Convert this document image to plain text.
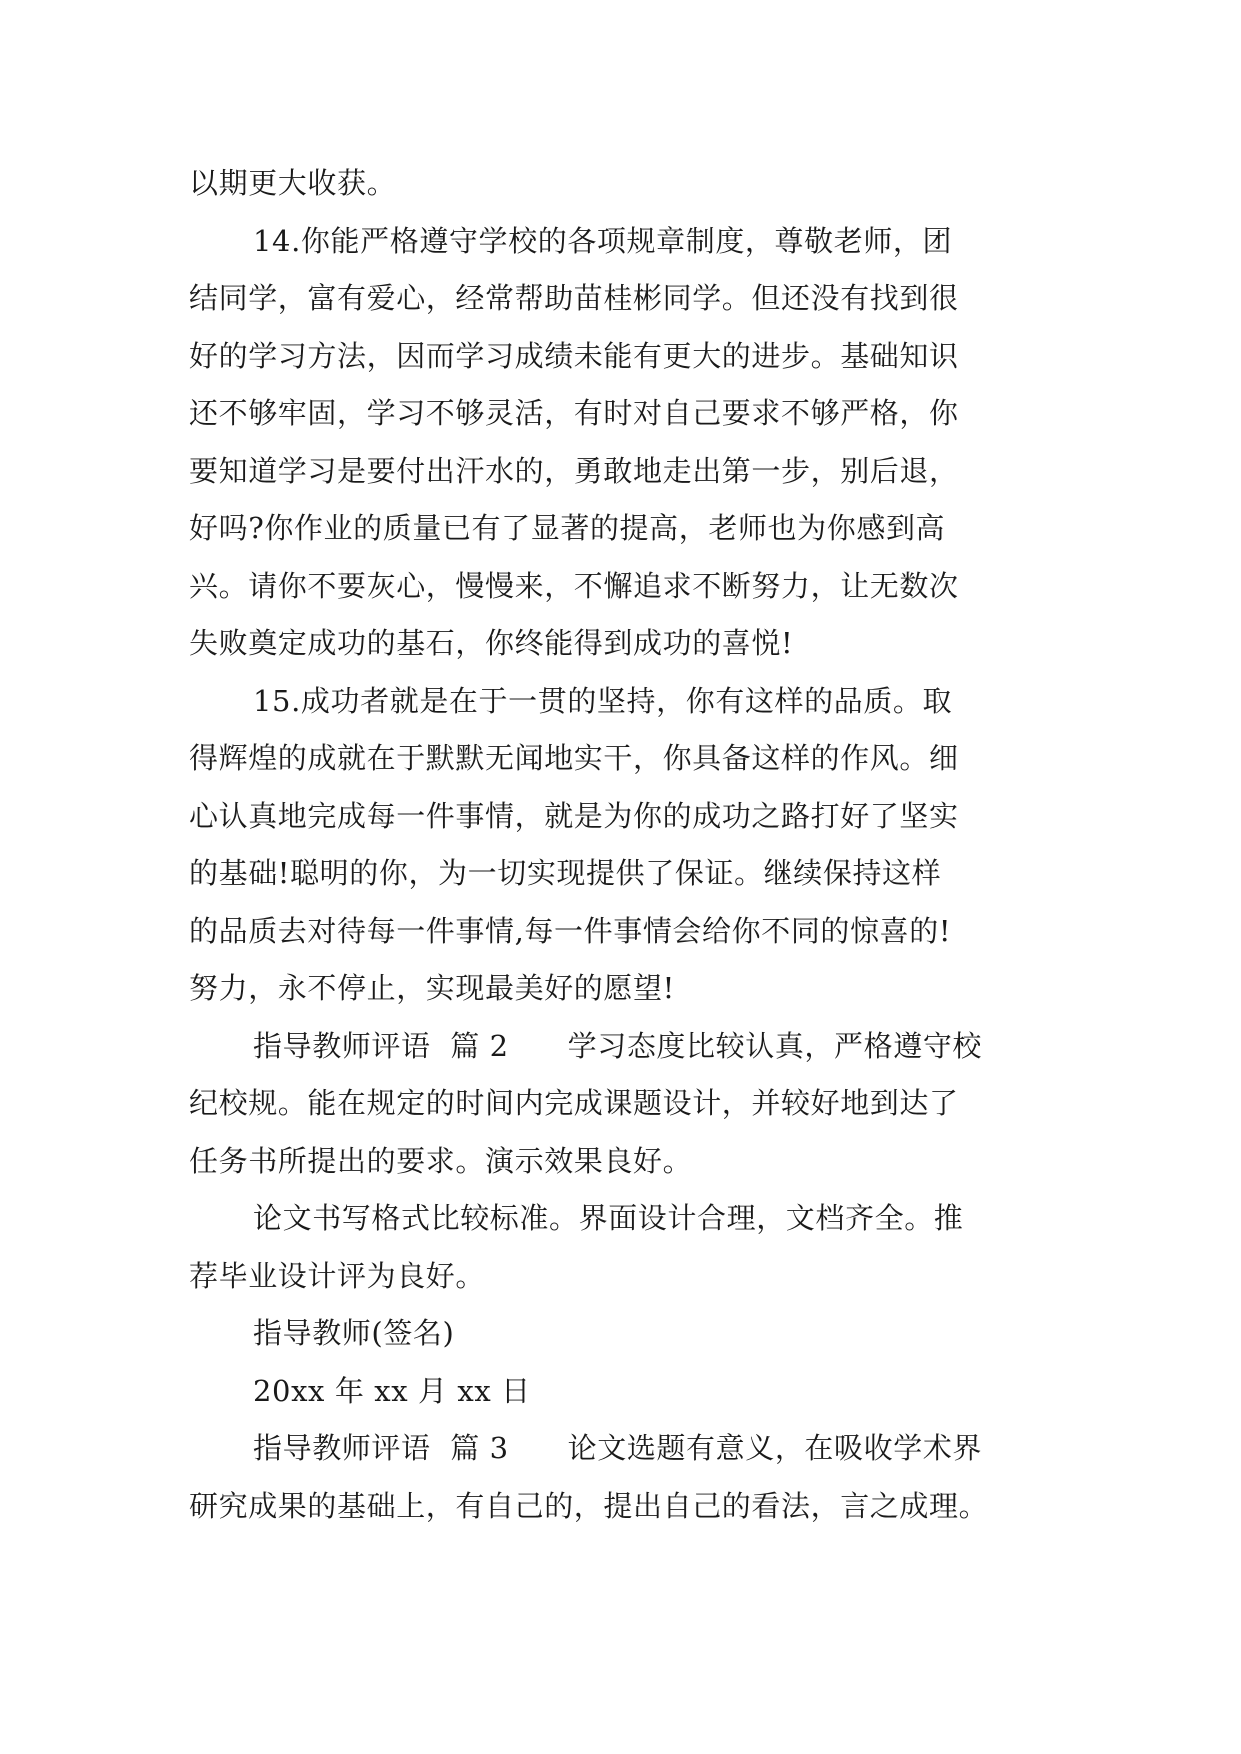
以期更大收获。
14.你能严格遵守学校的各项规章制度，尊敬老师，团
结同学，富有爱心，经常帮助苗桂彬同学。但还没有找到很
好的学习方法，因而学习成绩未能有更大的进步。基础知识
还不够牢固，学习不够灵活，有时对自己要求不够严格，你
要知道学习是要付出汗水的，勇敢地走出第一步，别后退，
好吗?你作业的质量已有了显著的提高，老师也为你感到高
兴。请你不要灰心，慢慢来，不懈追求不断努力，让无数次
失败奠定成功的基石，你终能得到成功的喜悦!
15.成功者就是在于一贯的坚持，你有这样的品质。取
得辉煌的成就在于默默无闻地实干，你具备这样的作风。细
心认真地完成每一件事情，就是为你的成功之路打好了坚实
的基础!聪明的你，为一切实现提供了保证。继续保持这样
的品质去对待每一件事情,每一件事情会给你不同的惊喜的!
努力，永不停止，实现最美好的愿望!
指导教师评语  篇 2      学习态度比较认真，严格遵守校
纪校规。能在规定的时间内完成课题设计，并较好地到达了
任务书所提出的要求。演示效果良好。
论文书写格式比较标准。界面设计合理，文档齐全。推
荐毕业设计评为良好。
指导教师(签名)
20xx 年 xx 月 xx 日
指导教师评语  篇 3      论文选题有意义，在吸收学术界
研究成果的基础上，有自己的，提出自己的看法，言之成理。
